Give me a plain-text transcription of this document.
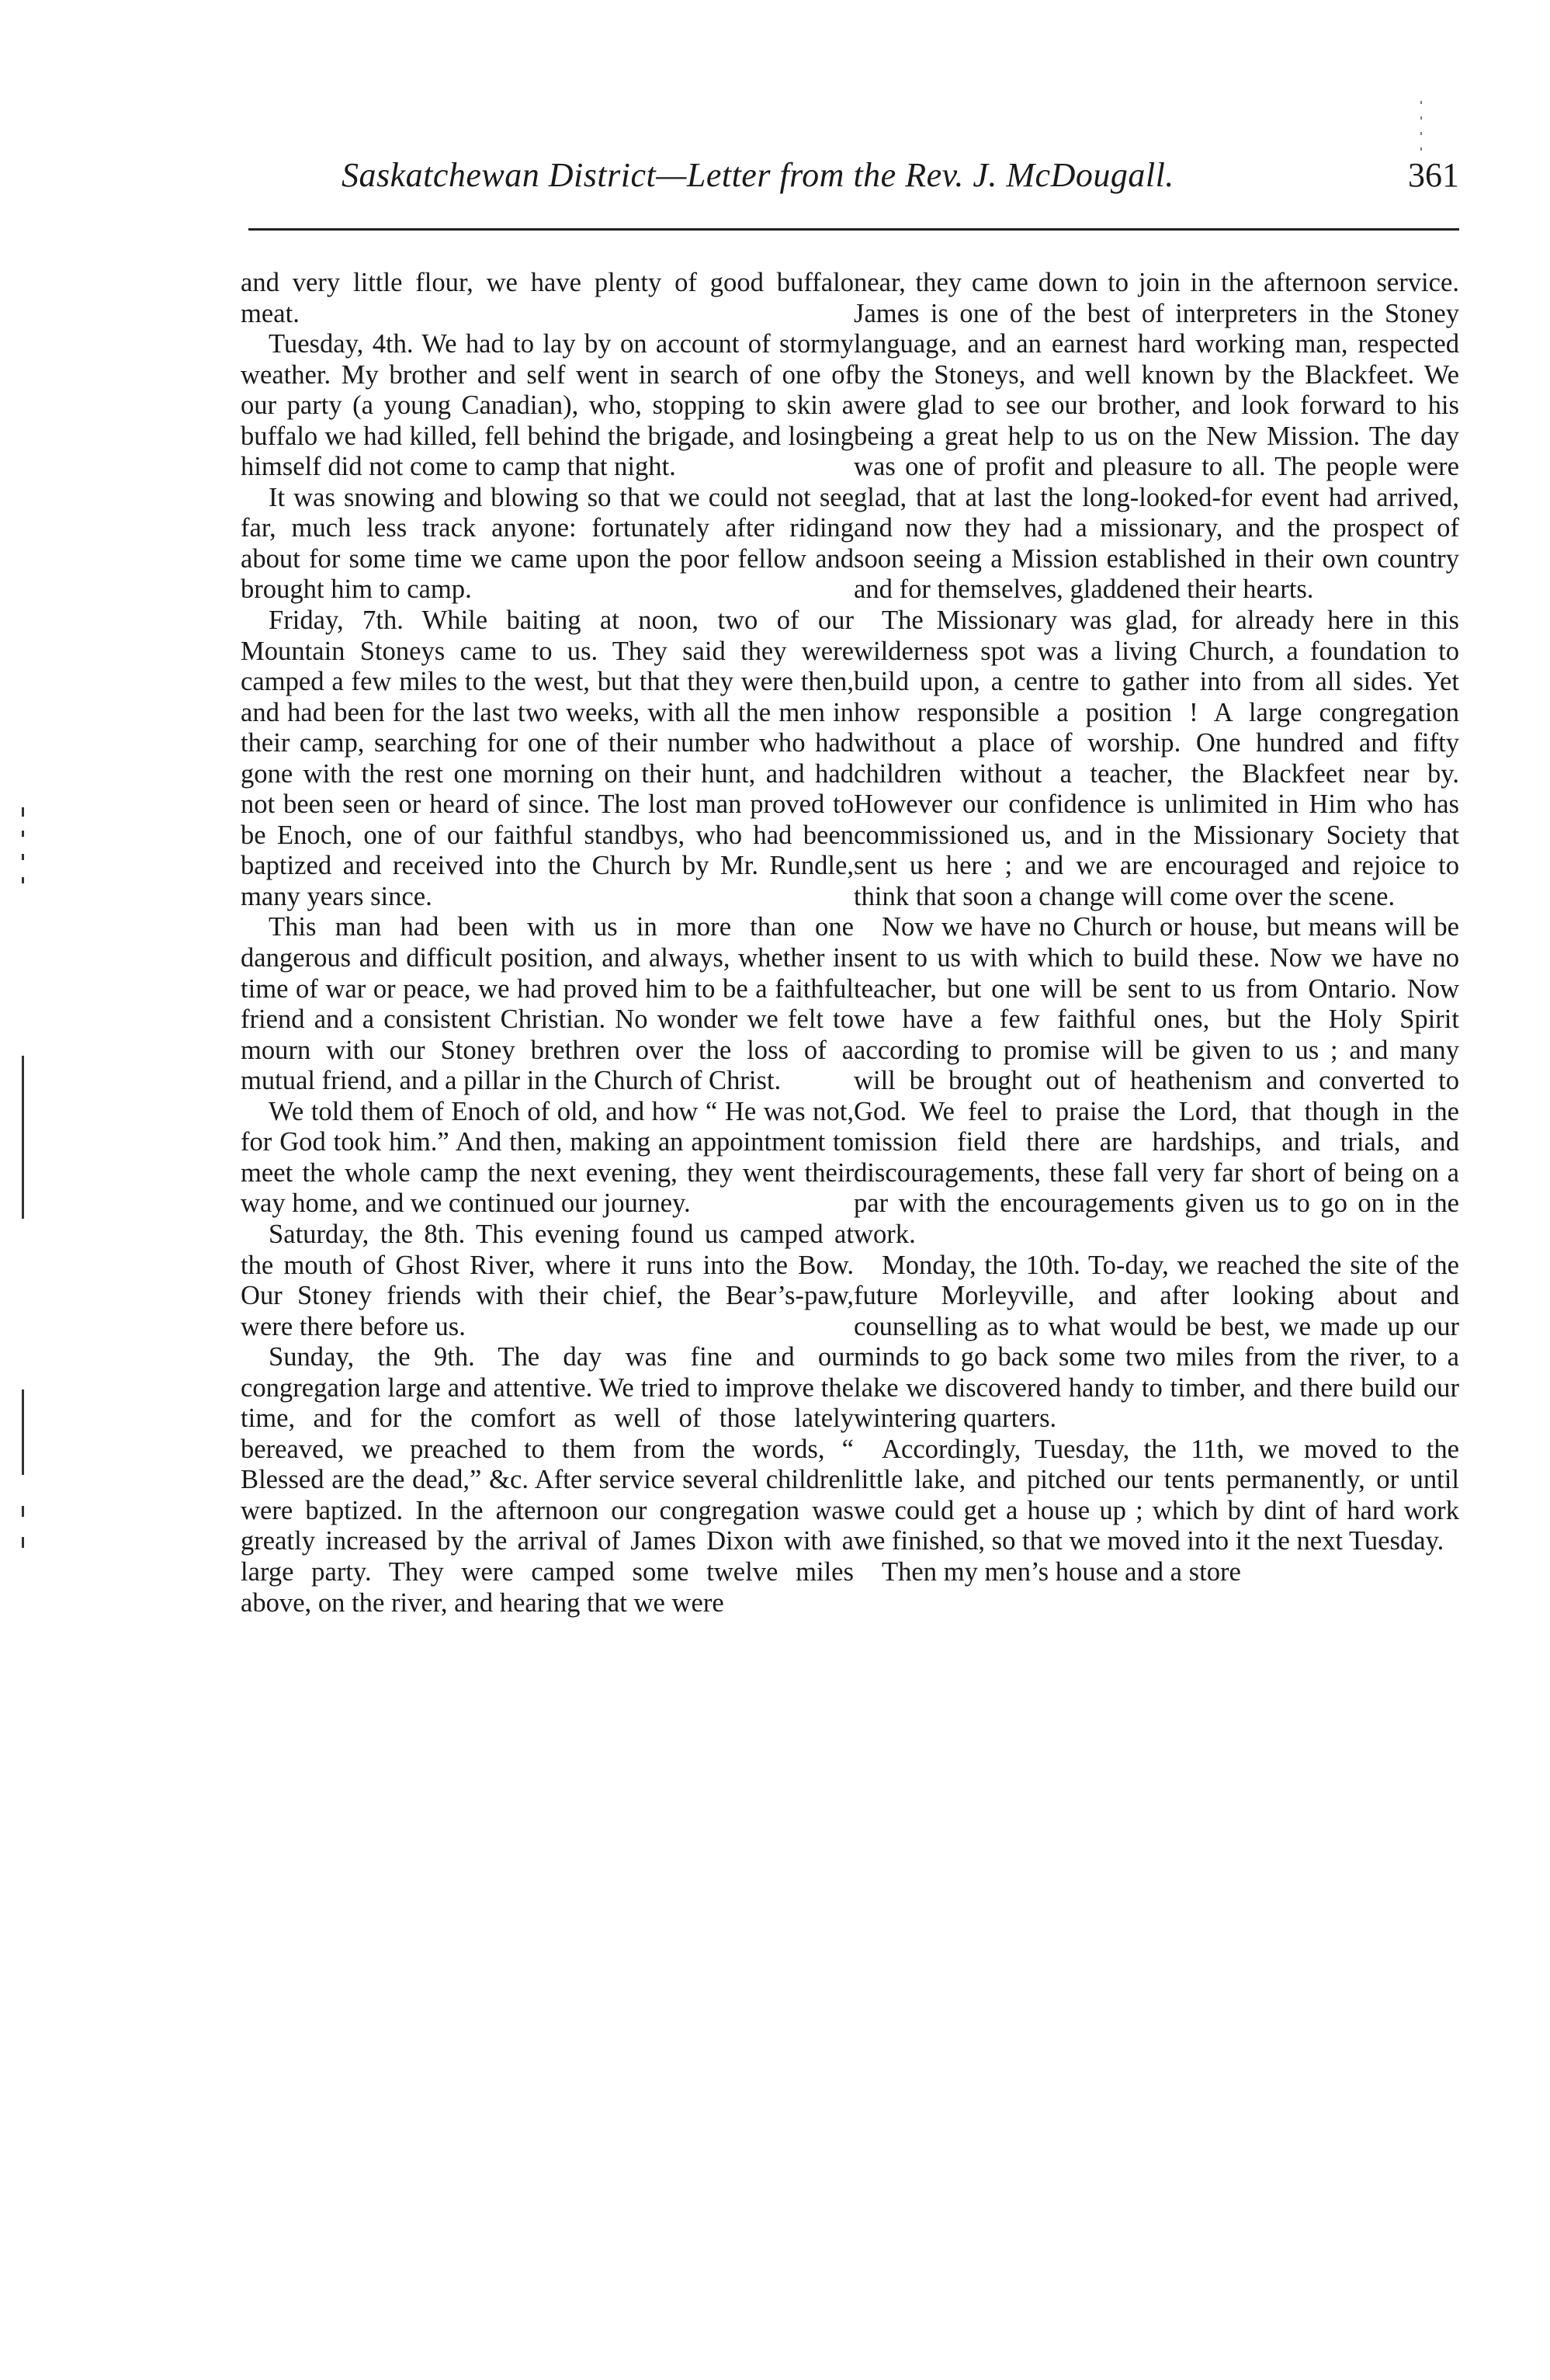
Saskatchewan District—Letter from the Rev. J. McDougall.	361

and very little flour, we have plenty of good buffalo meat.

Tuesday, 4th. We had to lay by on account of stormy weather. My brother and self went in search of one of our party (a young Canadian), who, stopping to skin a buffalo we had killed, fell behind the brigade, and losing himself did not come to camp that night.

It was snowing and blowing so that we could not see far, much less track anyone: fortunately after riding about for some time we came upon the poor fellow and brought him to camp.

Friday, 7th. While baiting at noon, two of our Mountain Stoneys came to us. They said they were camped a few miles to the west, but that they were then, and had been for the last two weeks, with all the men in their camp, searching for one of their number who had gone with the rest one morning on their hunt, and had not been seen or heard of since. The lost man proved to be Enoch, one of our faithful standbys, who had been baptized and received into the Church by Mr. Rundle, many years since.

This man had been with us in more than one dangerous and difficult position, and always, whether in time of war or peace, we had proved him to be a faithful friend and a consistent Christian. No wonder we felt to mourn with our Stoney brethren over the loss of a mutual friend, and a pillar in the Church of Christ.

We told them of Enoch of old, and how “ He was not, for God took him.” And then, making an appointment to meet the whole camp the next evening, they went their way home, and we continued our journey.

Saturday, the 8th. This evening found us camped at the mouth of Ghost River, where it runs into the Bow. Our Stoney friends with their chief, the Bear’s-paw, were there before us.

Sunday, the 9th. The day was fine and our congregation large and attentive. We tried to improve the time, and for the comfort as well of those lately bereaved, we preached to them from the words, “ Blessed are the dead,” &c. After service several children were baptized. In the afternoon our congregation was greatly increased by the arrival of James Dixon with a large party. They were camped some twelve miles above, on the river, and hearing that we were

near, they came down to join in the afternoon service. James is one of the best of interpreters in the Stoney language, and an earnest hard working man, respected by the Stoneys, and well known by the Blackfeet. We were glad to see our brother, and look forward to his being a great help to us on the New Mission. The day was one of profit and pleasure to all. The people were glad, that at last the long-looked-for event had arrived, and now they had a missionary, and the prospect of soon seeing a Mission established in their own country and for themselves, gladdened their hearts.

The Missionary was glad, for already here in this wilderness spot was a living Church, a foundation to build upon, a centre to gather into from all sides. Yet how responsible a position ! A large congregation without a place of worship. One hundred and fifty children without a teacher, the Blackfeet near by. However our confidence is unlimited in Him who has commissioned us, and in the Missionary Society that sent us here ; and we are encouraged and rejoice to think that soon a change will come over the scene.

Now we have no Church or house, but means will be sent to us with which to build these. Now we have no teacher, but one will be sent to us from Ontario. Now we have a few faithful ones, but the Holy Spirit according to promise will be given to us ; and many will be brought out of heathenism and converted to God. We feel to praise the Lord, that though in the mission field there are hardships, and trials, and discouragements, these fall very far short of being on a par with the encouragements given us to go on in the work.

Monday, the 10th. To-day, we reached the site of the future Morleyville, and after looking about and counselling as to what would be best, we made up our minds to go back some two miles from the river, to a lake we discovered handy to timber, and there build our wintering quarters.

Accordingly, Tuesday, the 11th, we moved to the little lake, and pitched our tents permanently, or until we could get a house up ; which by dint of hard work we finished, so that we moved into it the next Tuesday.

Then my men’s house and a store
